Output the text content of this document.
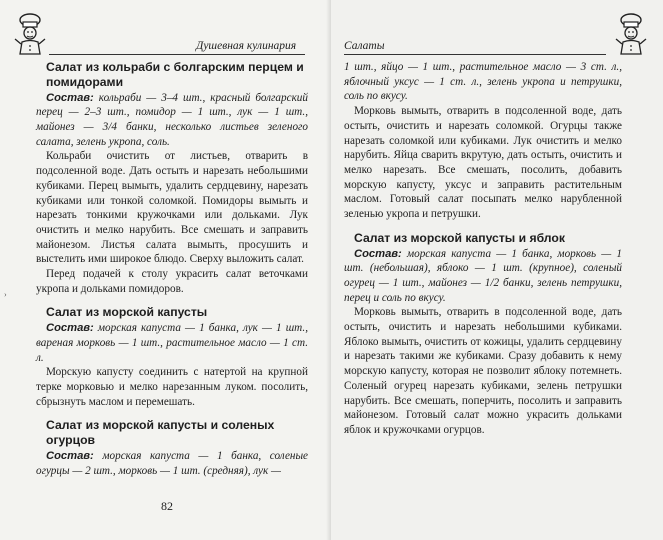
Душевная кулинария
Салат из кольраби с болгарским перцем и помидорами

Состав: кольраби — 3–4 шт., красный болгарский перец — 2–3 шт., помидор — 1 шт., лук — 1 шт., майонез — 3/4 банки, несколько листьев зеленого салата, зелень укропа, соль.

Кольраби очистить от листьев, отварить в подсоленной воде. Дать остыть и нарезать небольшими кубиками. Перец вымыть, удалить сердцевину, нарезать кубиками или тонкой соломкой. Помидоры вымыть и нарезать тонкими кружочками или дольками. Лук очистить и мелко нарубить. Все смешать и заправить майонезом. Листья салата вымыть, просушить и выстелить ими широкое блюдо. Сверху выложить салат.

Перед подачей к столу украсить салат веточками укропа и дольками помидоров.

Салат из морской капусты

Состав: морская капуста — 1 банка, лук — 1 шт., вареная морковь — 1 шт., растительное масло — 1 ст. л.

Морскую капусту соединить с натертой на крупной терке морковью и мелко нарезанным луком. посолить, сбрызнуть маслом и перемешать.

Салат из морской капусты и соленых огурцов

Состав: морская капуста — 1 банка, соленые огурцы — 2 шт., морковь — 1 шт. (средняя), лук —

82
›
Салаты

1 шт., яйцо — 1 шт., растительное масло — 3 ст. л., яблочный уксус — 1 ст. л., зелень укропа и петрушки, соль по вкусу.

Морковь вымыть, отварить в подсоленной воде, дать остыть, очистить и нарезать соломкой. Огурцы также нарезать соломкой или кубиками. Лук очистить и мелко нарубить. Яйца сварить вкрутую, дать остыть, очистить и мелко нарезать. Все смешать, посолить, добавить морскую капусту, уксус и заправить растительным маслом. Готовый салат посыпать мелко нарубленной зеленью укропа и петрушки.

Салат из морской капусты и яблок

Состав: морская капуста — 1 банка, морковь — 1 шт. (небольшая), яблоко — 1 шт. (крупное), соленый огурец — 1 шт., майонез — 1/2 банки, зелень петрушки, перец и соль по вкусу.

Морковь вымыть, отварить в подсоленной воде, дать остыть, очистить и нарезать небольшими кубиками. Яблоко вымыть, очистить от кожицы, удалить сердцевину и нарезать такими же кубиками. Сразу добавить к нему морскую капусту, которая не позволит яблоку потемнеть. Соленый огурец нарезать кубиками, зелень петрушки нарубить. Все смешать, поперчить, посолить и заправить майонезом. Готовый салат можно украсить дольками яблок и кружочками огурцов.
